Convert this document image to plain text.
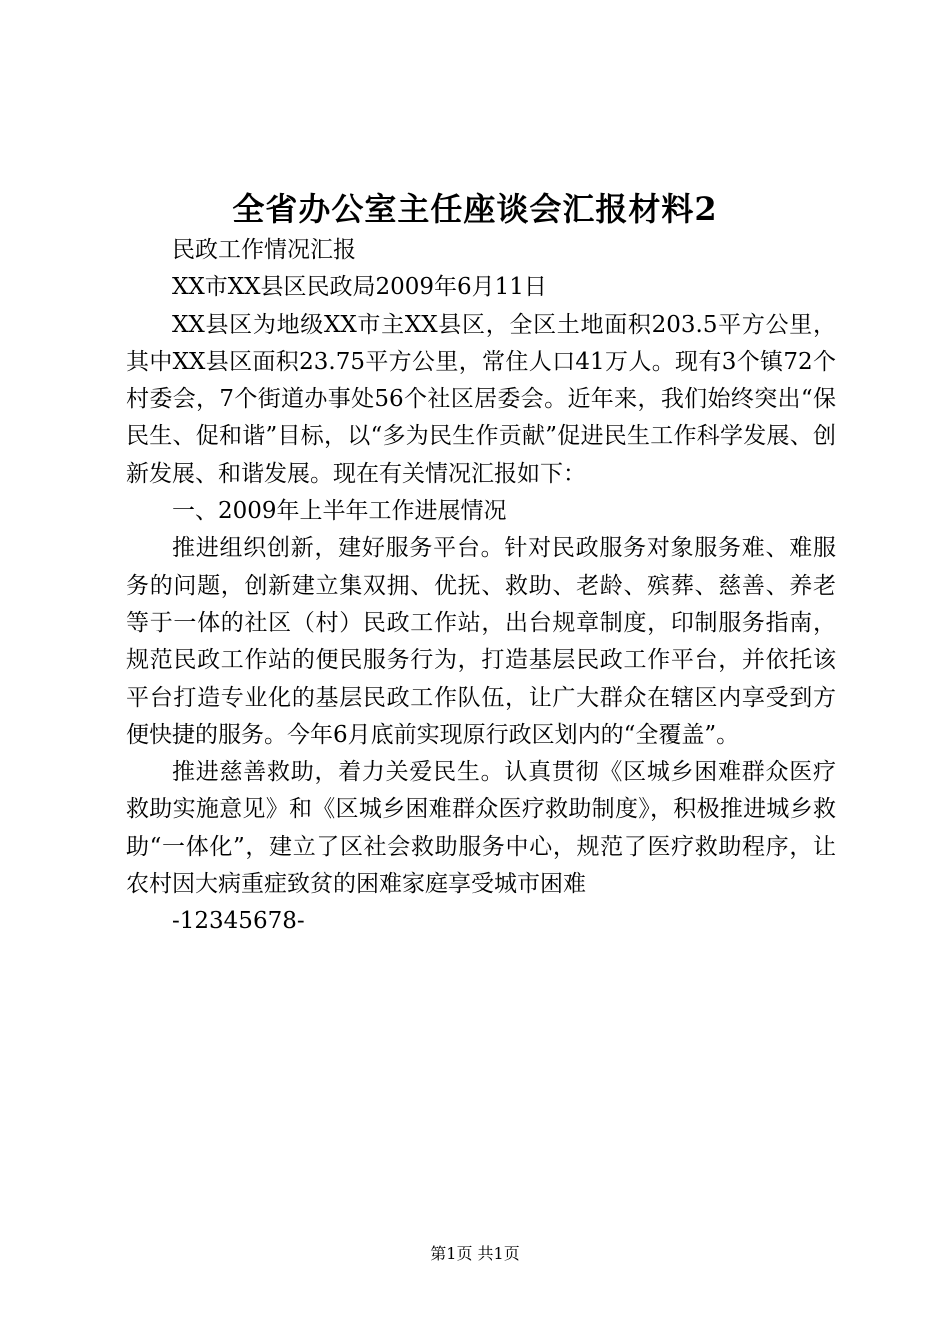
全省办公室主任座谈会汇报材料2

民政工作情况汇报

XX市XX县区民政局2009年6月11日

XX县区为地级XX市主XX县区，全区土地面积203.5平方公里，其中XX县区面积23.75平方公里，常住人口41万人。现有3个镇72个村委会，7个街道办事处56个社区居委会。近年来，我们始终突出“保民生、促和谐”目标，以“多为民生作贡献”促进民生工作科学发展、创新发展、和谐发展。现在有关情况汇报如下：

一、2009年上半年工作进展情况

推进组织创新，建好服务平台。针对民政服务对象服务难、难服务的问题，创新建立集双拥、优抚、救助、老龄、殡葬、慈善、养老等于一体的社区（村）民政工作站，出台规章制度，印制服务指南，规范民政工作站的便民服务行为，打造基层民政工作平台，并依托该平台打造专业化的基层民政工作队伍，让广大群众在辖区内享受到方便快捷的服务。今年6月底前实现原行政区划内的“全覆盖”。

推进慈善救助，着力关爱民生。认真贯彻《区城乡困难群众医疗救助实施意见》和《区城乡困难群众医疗救助制度》，积极推进城乡救助“一体化”，建立了区社会救助服务中心，规范了医疗救助程序，让农村因大病重症致贫的困难家庭享受城市困难

-12345678-

第1页 共1页
